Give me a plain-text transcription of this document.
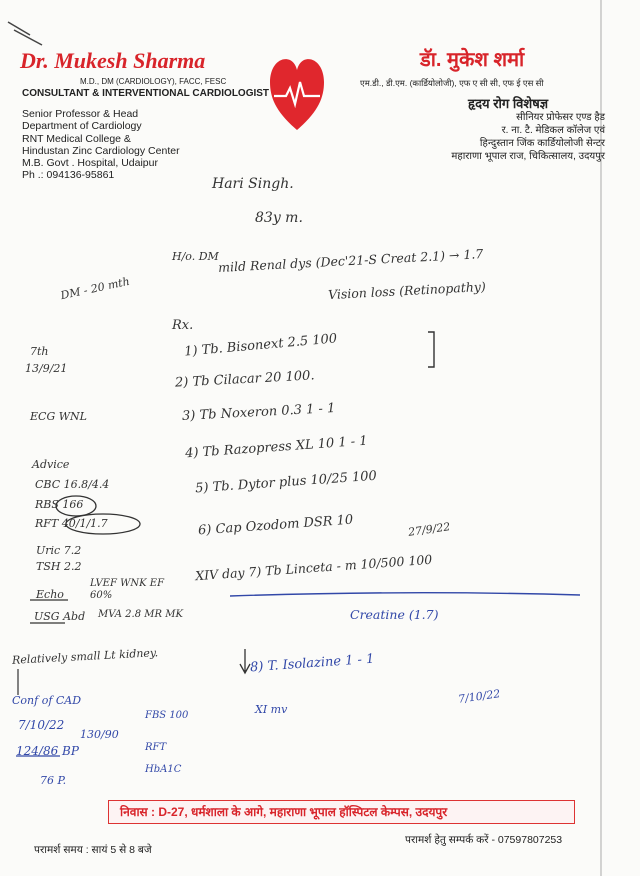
Dr. Mukesh Sharma
M.D., DM (CARDIOLOGY), FACC, FESC
CONSULTANT & INTERVENTIONAL CARDIOLOGIST
Senior Professor & Head
Department of Cardiology
RNT Medical College &
Hindustan Zinc Cardiology Center
M.B. Govt . Hospital, Udaipur
Ph .: 094136-95861
डॅा. मुकेश शर्मा
एम.डी., डी.एम. (कार्डियोलोजी), एफ ए सी सी, एफ ई एस सी
हृदय रोग विशेषज्ञ
सीनियर प्रोफेसर एण्ड हैड
र. ना. टै. मेडिकल कॉलेज एवं
हिन्दुस्तान जिंक कार्डियोलोजी सेन्टर
महाराणा भूपाल राज, चिकित्सालय, उदयपुर
Hari Singh.
83y m.
H/o. DM
mild Renal dys (Dec'21-S Creat 2.1) → 1.7
Vision loss (Retinopathy)
DM - 20 mth
Rx.
1) Tb. Bisonext 2.5 100
2) Tb Cilacar 20 100.
3) Tb Noxeron 0.3 1 - 1
4) Tb Razopress XL 10 1 - 1
5) Tb. Dytor plus 10/25 100
6) Cap Ozodom DSR 10	27/9/22
XIV day 7) Tb Linceta - m 10/500 100
Creatine (1.7)
8) T. Isolazine 1 - 1
7/10/22
XI mv
7th
13/9/21
ECG WNL
Advice
CBC 16.8/4.4
RBS 166
RFT 40/1/1.7
Uric 7.2
TSH 2.2
Echo
LVEF WNK EF 60%
USG Abd MVA 2.8 MR MK
Relatively small Lt kidney.
Conf of CAD
7/10/22
124/86 BP
130/90
76 P.
FBS 100
RFT
HbA1C
निवास : D-27, धर्मशाला के आगे, महाराणा भूपाल हॉस्पिटल केम्पस, उदयपुर
परामर्श समय : सायं 5 से 8 बजे
परामर्श हेतु सम्पर्क करें - 07597807253
